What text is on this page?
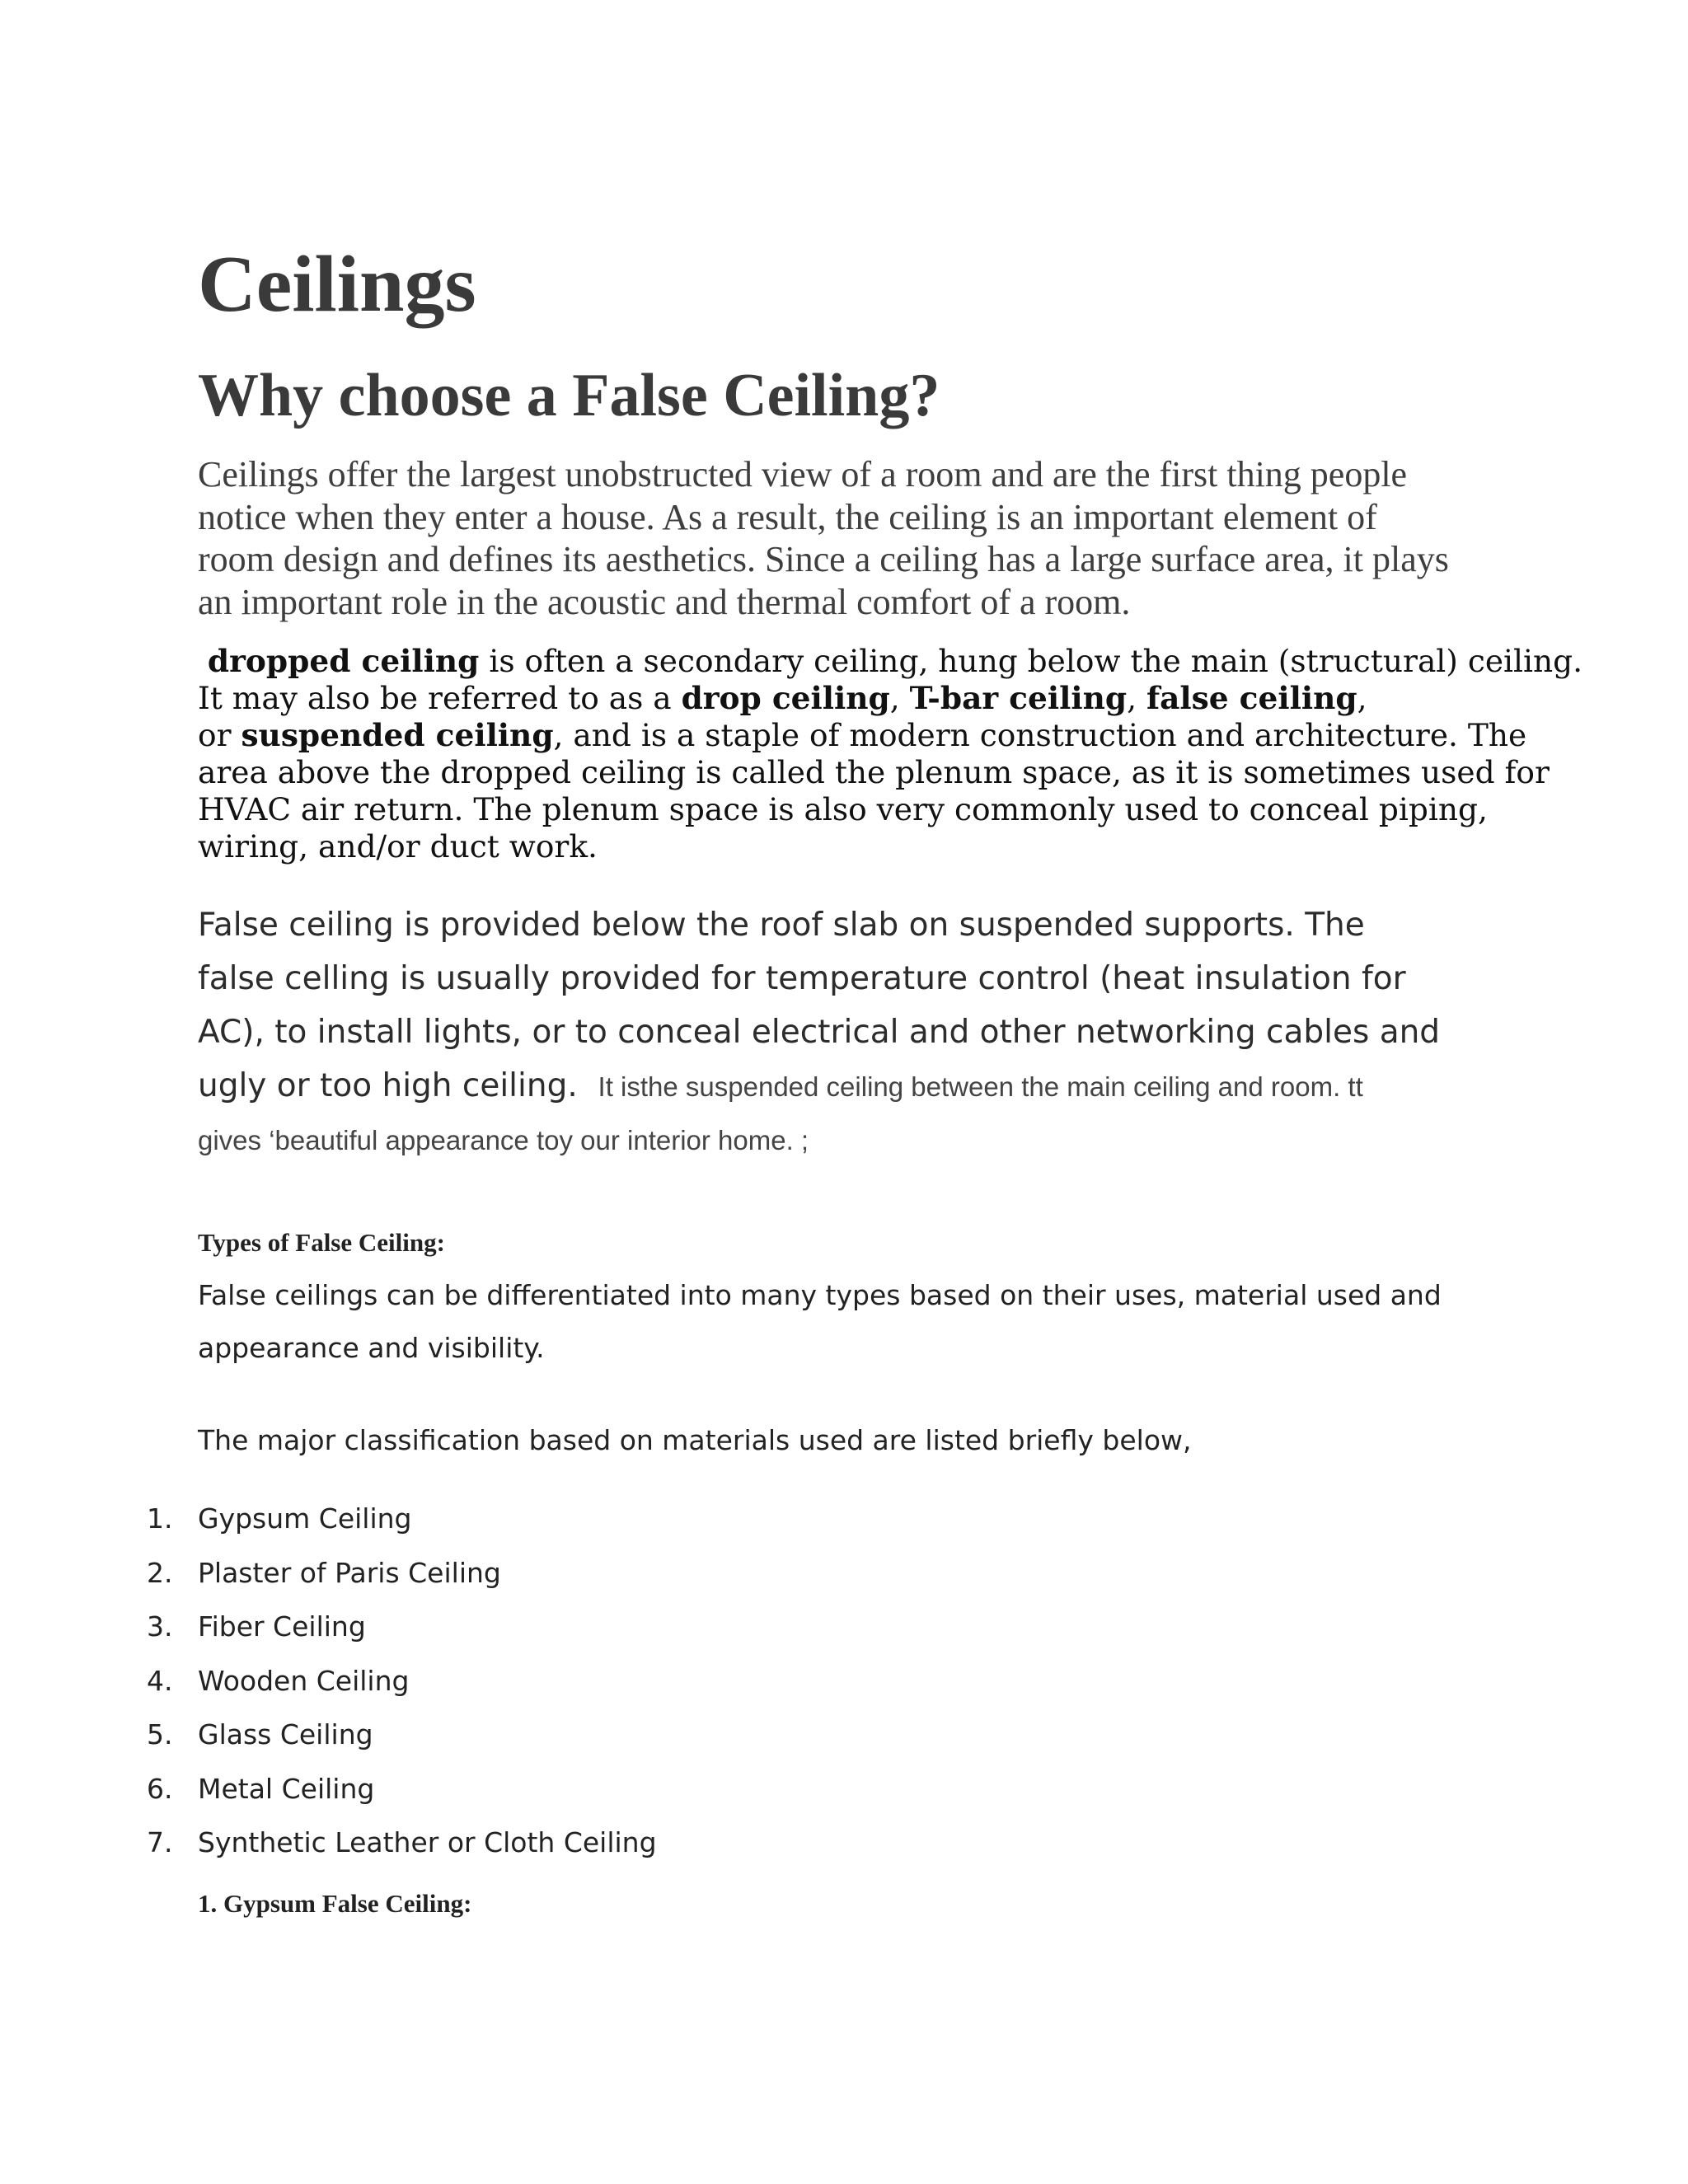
Ceilings
Why choose a False Ceiling?

Ceilings offer the largest unobstructed view of a room and are the first thing people
notice when they enter a house. As a result, the ceiling is an important element of
room design and defines its aesthetics. Since a ceiling has a large surface area, it plays
an important role in the acoustic and thermal comfort of a room.

dropped ceiling is often a secondary ceiling, hung below the main (structural) ceiling.
It may also be referred to as a drop ceiling, T-bar ceiling, false ceiling,
or suspended ceiling, and is a staple of modern construction and architecture. The
area above the dropped ceiling is called the plenum space, as it is sometimes used for
HVAC air return. The plenum space is also very commonly used to conceal piping,
wiring, and/or duct work.

False ceiling is provided below the roof slab on suspended supports. The
false celling is usually provided for temperature control (heat insulation for
AC), to install lights, or to conceal electrical and other networking cables and
ugly or too high ceiling. It isthe suspended ceiling between the main ceiling and room. tt
gives ‘beautiful appearance toy our interior home. ;

Types of False Ceiling:

False ceilings can be differentiated into many types based on their uses, material used and
appearance and visibility.

The major classification based on materials used are listed briefly below,

1. Gypsum Ceiling
2. Plaster of Paris Ceiling
3. Fiber Ceiling
4. Wooden Ceiling
5. Glass Ceiling
6. Metal Ceiling
7. Synthetic Leather or Cloth Ceiling
1. Gypsum False Ceiling:
